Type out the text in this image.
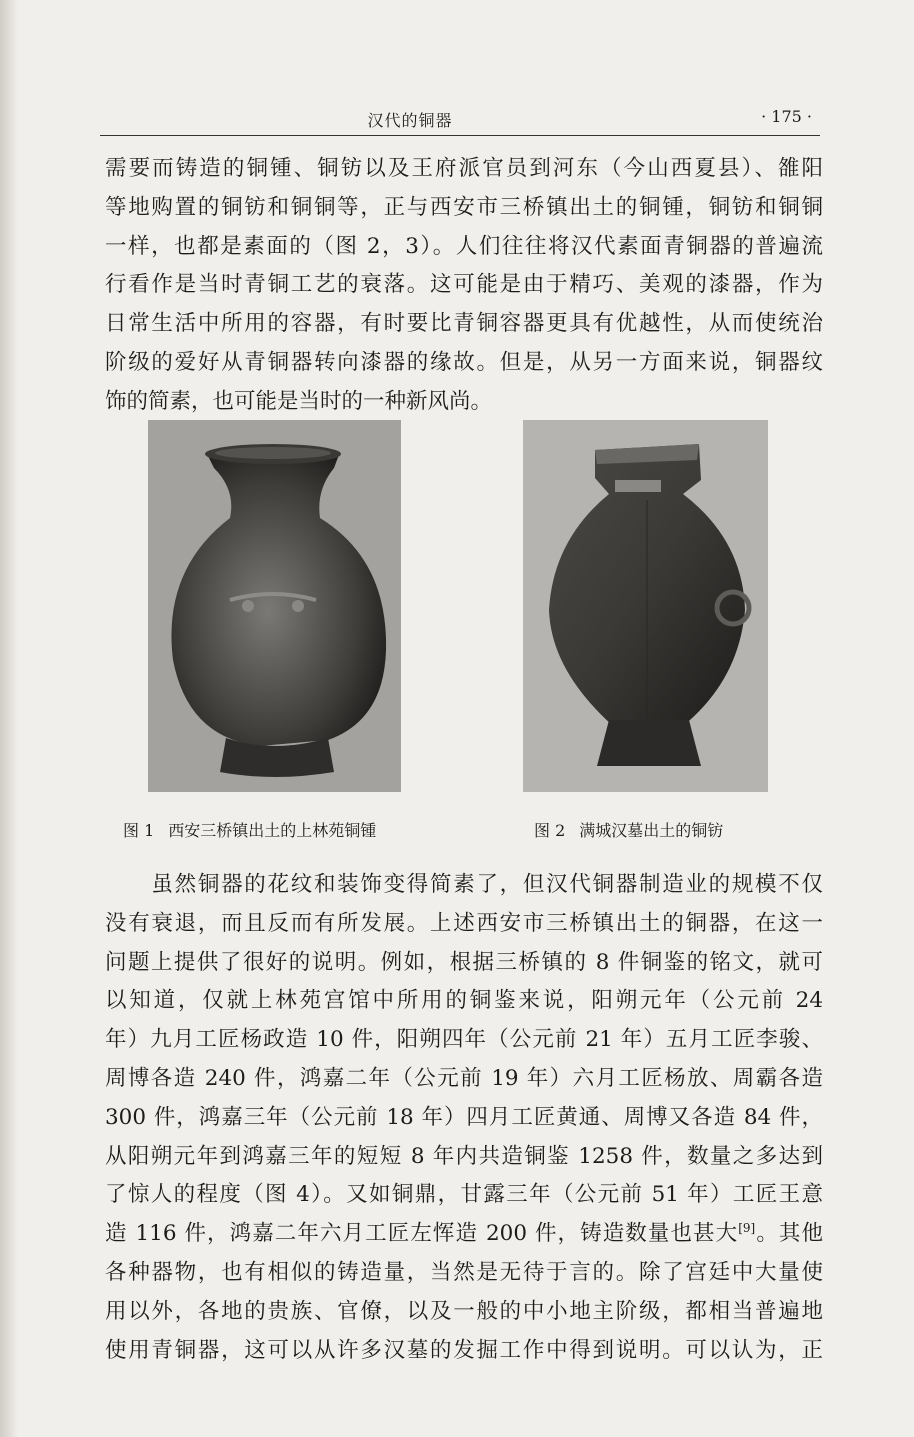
汉代的铜器	· 175 ·
需要而铸造的铜锺、铜钫以及王府派官员到河东（今山西夏县）、雒阳
等地购置的铜钫和铜铜等，正与西安市三桥镇出土的铜锺，铜钫和铜铜
一样，也都是素面的（图 2，3）。人们往往将汉代素面青铜器的普遍流
行看作是当时青铜工艺的衰落。这可能是由于精巧、美观的漆器，作为
日常生活中所用的容器，有时要比青铜容器更具有优越性，从而使统治
阶级的爱好从青铜器转向漆器的缘故。但是，从另一方面来说，铜器纹
饰的简素，也可能是当时的一种新风尚。
图 1 西安三桥镇出土的上林苑铜锺	图 2 满城汉墓出土的铜钫
　　虽然铜器的花纹和装饰变得简素了，但汉代铜器制造业的规模不仅
没有衰退，而且反而有所发展。上述西安市三桥镇出土的铜器，在这一
问题上提供了很好的说明。例如，根据三桥镇的 8 件铜鉴的铭文，就可
以知道，仅就上林苑宫馆中所用的铜鉴来说，阳朔元年（公元前 24
年）九月工匠杨政造 10 件，阳朔四年（公元前 21 年）五月工匠李骏、
周博各造 240 件，鸿嘉二年（公元前 19 年）六月工匠杨放、周霸各造
300 件，鸿嘉三年（公元前 18 年）四月工匠黄通、周博又各造 84 件，
从阳朔元年到鸿嘉三年的短短 8 年内共造铜鉴 1258 件，数量之多达到
了惊人的程度（图 4）。又如铜鼎，甘露三年（公元前 51 年）工匠王意
造 116 件，鸿嘉二年六月工匠左恽造 200 件，铸造数量也甚大[9]。其他
各种器物，也有相似的铸造量，当然是无待于言的。除了宫廷中大量使
用以外，各地的贵族、官僚，以及一般的中小地主阶级，都相当普遍地
使用青铜器，这可以从许多汉墓的发掘工作中得到说明。可以认为，正
